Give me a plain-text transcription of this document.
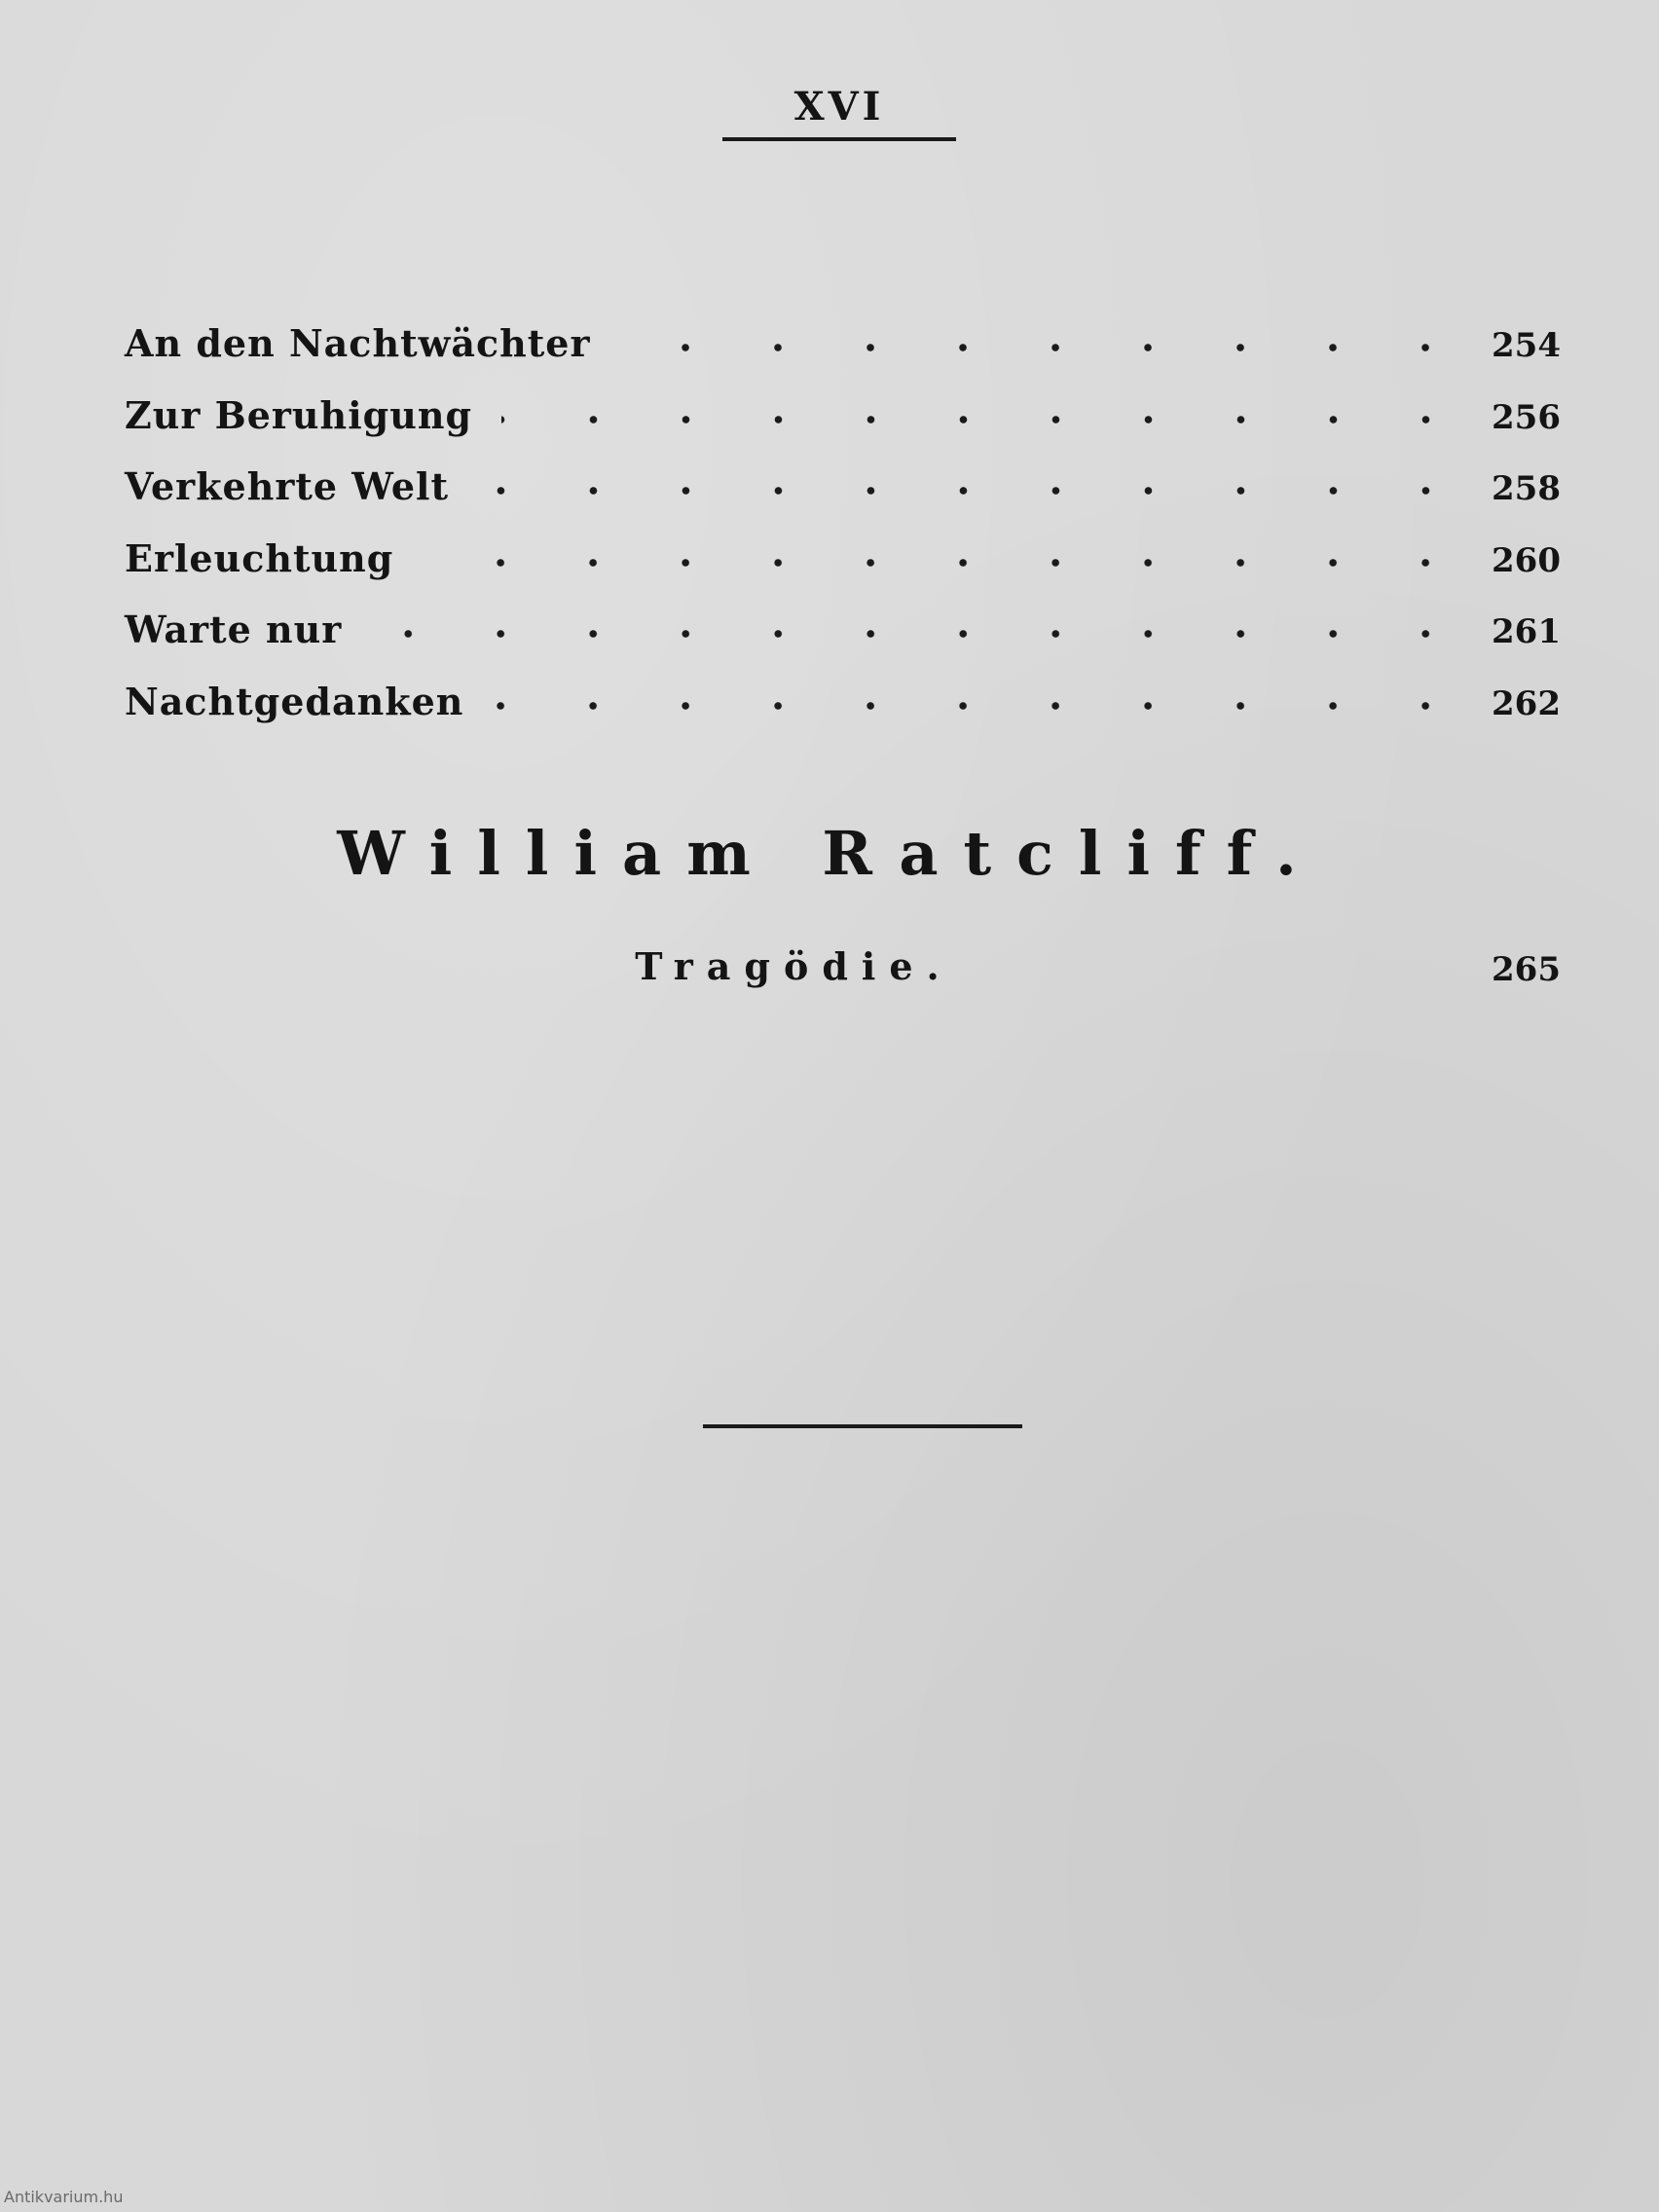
XVI
An den Nachtwächter	254
Zur Beruhigung	256
Verkehrte Welt	258
Erleuchtung	260
Warte nur	261
Nachtgedanken	262
William Ratcliff.
Tragödie.	265
Antikvarium.hu
